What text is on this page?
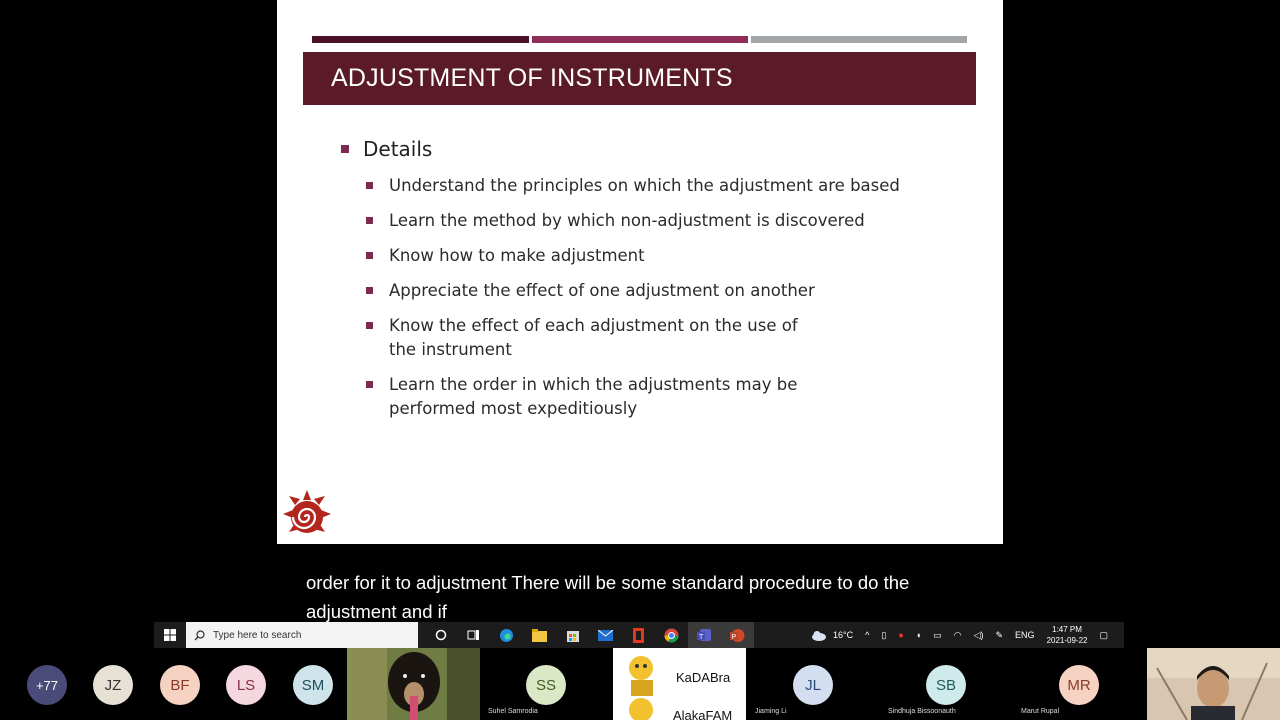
ADJUSTMENT OF INSTRUMENTS
Details
Understand the principles on which the adjustment are based
Learn the method by which non-adjustment is discovered
Know how to make adjustment
Appreciate the effect of one adjustment on another
Know the effect of each adjustment on the use of the instrument
Learn the order in which the adjustments may be performed most expeditiously
order for it to adjustment There will be some standard procedure to do the adjustment and if
Type here to search	T	P	16°C ^ ▯ ● ◖ ▭ ◠ ◁) ✎ ENG
1:47 PM
2021-09-22
▢
+77	JZ	BF	LS	SM	SS
Suhel Samrodia
KaDABra
AlakaFAM
JL
Jiaming Li
SB
Sindhuja Bissoonauth
MR
Marut Rupal
